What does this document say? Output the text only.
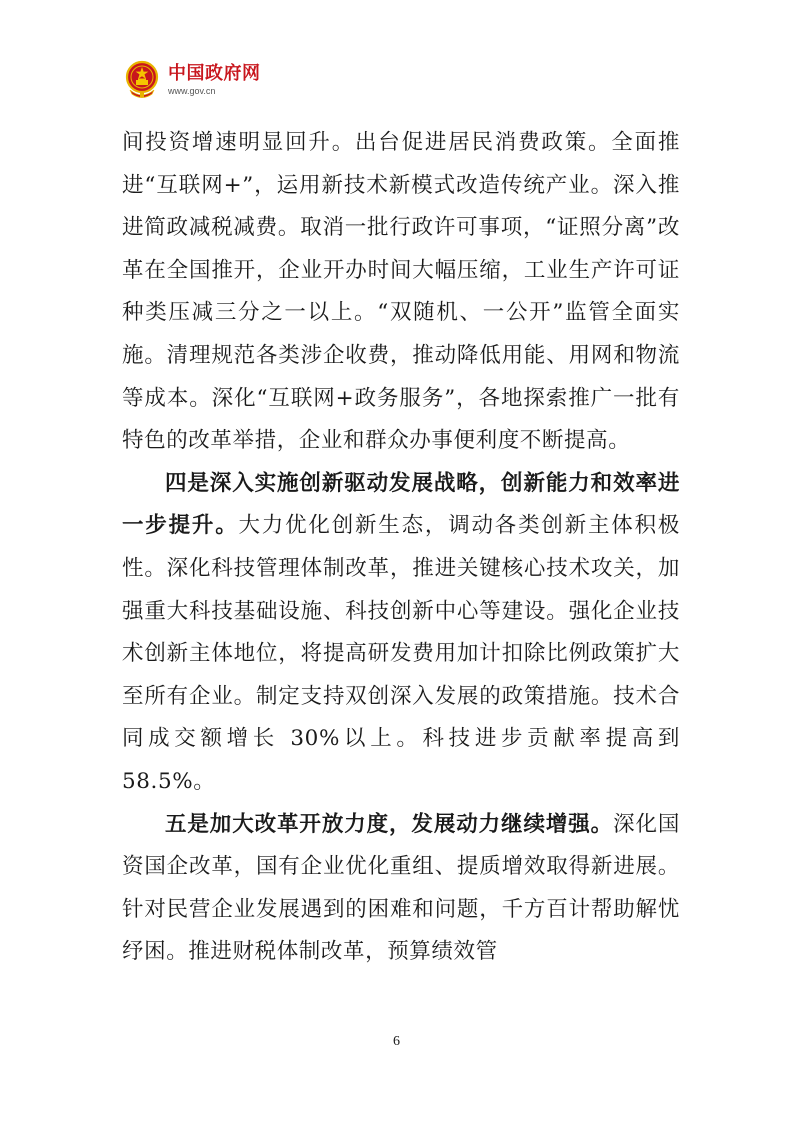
中国政府网
www.gov.cn

间投资增速明显回升。出台促进居民消费政策。全面推进“互联网+”，运用新技术新模式改造传统产业。深入推进简政减税减费。取消一批行政许可事项，“证照分离”改革在全国推开，企业开办时间大幅压缩，工业生产许可证种类压减三分之一以上。“双随机、一公开”监管全面实施。清理规范各类涉企收费，推动降低用能、用网和物流等成本。深化“互联网+政务服务”，各地探索推广一批有特色的改革举措，企业和群众办事便利度不断提高。

四是深入实施创新驱动发展战略，创新能力和效率进一步提升。大力优化创新生态，调动各类创新主体积极性。深化科技管理体制改革，推进关键核心技术攻关，加强重大科技基础设施、科技创新中心等建设。强化企业技术创新主体地位，将提高研发费用加计扣除比例政策扩大至所有企业。制定支持双创深入发展的政策措施。技术合同成交额增长 30%以上。科技进步贡献率提高到 58.5%。

五是加大改革开放力度，发展动力继续增强。深化国资国企改革，国有企业优化重组、提质增效取得新进展。针对民营企业发展遇到的困难和问题，千方百计帮助解忧纾困。推进财税体制改革，预算绩效管

6
